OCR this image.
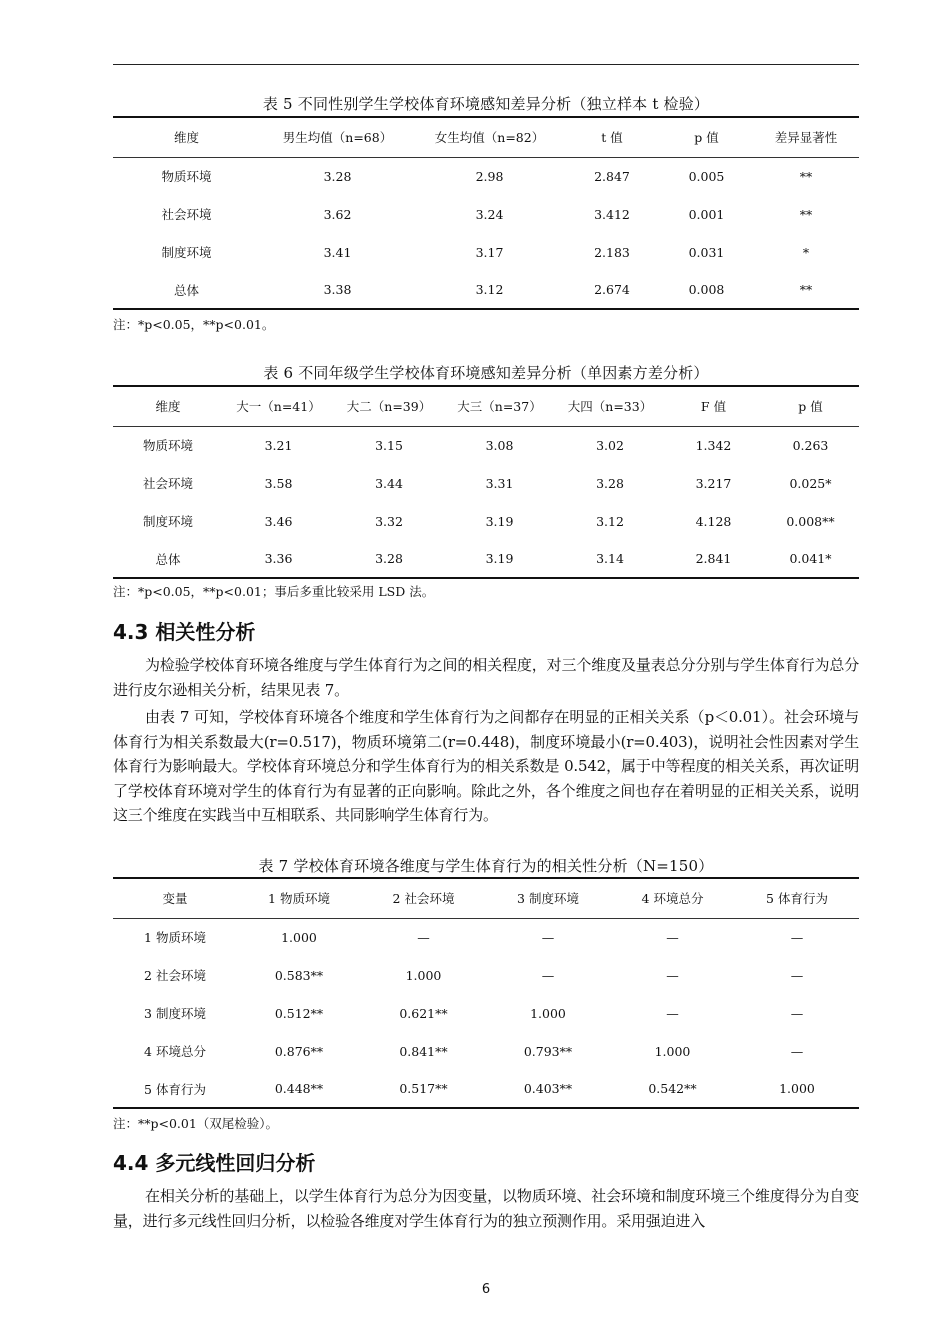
表 5 不同性别学生学校体育环境感知差异分析（独立样本 t 检验）
维度	男生均值（n=68）	女生均值（n=82）	t 值	p 值	差异显著性
物质环境	3.28	2.98	2.847	0.005	**
社会环境	3.62	3.24	3.412	0.001	**
制度环境	3.41	3.17	2.183	0.031	*
总体	3.38	3.12	2.674	0.008	**
注：*p<0.05，**p<0.01。
表 6 不同年级学生学校体育环境感知差异分析（单因素方差分析）
维度	大一（n=41）	大二（n=39）	大三（n=37）	大四（n=33）	F 值	p 值
物质环境	3.21	3.15	3.08	3.02	1.342	0.263
社会环境	3.58	3.44	3.31	3.28	3.217	0.025*
制度环境	3.46	3.32	3.19	3.12	4.128	0.008**
总体	3.36	3.28	3.19	3.14	2.841	0.041*
注：*p<0.05，**p<0.01；事后多重比较采用 LSD 法。
4.3 相关性分析

为检验学校体育环境各维度与学生体育行为之间的相关程度，对三个维度及量表总分分别与学生体育行为总分进行皮尔逊相关分析，结果见表 7。

由表 7 可知，学校体育环境各个维度和学生体育行为之间都存在明显的正相关关系（p＜0.01）。社会环境与体育行为相关系数最大(r=0.517)，物质环境第二(r=0.448)，制度环境最小(r=0.403)，说明社会性因素对学生体育行为影响最大。学校体育环境总分和学生体育行为的相关系数是 0.542，属于中等程度的相关关系，再次证明了学校体育环境对学生的体育行为有显著的正向影响。除此之外，各个维度之间也存在着明显的正相关关系，说明这三个维度在实践当中互相联系、共同影响学生体育行为。

表 7 学校体育环境各维度与学生体育行为的相关性分析（N=150）
变量	1 物质环境	2 社会环境	3 制度环境	4 环境总分	5 体育行为
1 物质环境	1.000	—	—	—	—
2 社会环境	0.583**	1.000	—	—	—
3 制度环境	0.512**	0.621**	1.000	—	—
4 环境总分	0.876**	0.841**	0.793**	1.000	—
5 体育行为	0.448**	0.517**	0.403**	0.542**	1.000
注：**p<0.01（双尾检验）。
4.4 多元线性回归分析

在相关分析的基础上，以学生体育行为总分为因变量，以物质环境、社会环境和制度环境三个维度得分为自变量，进行多元线性回归分析，以检验各维度对学生体育行为的独立预测作用。采用强迫进入

6
